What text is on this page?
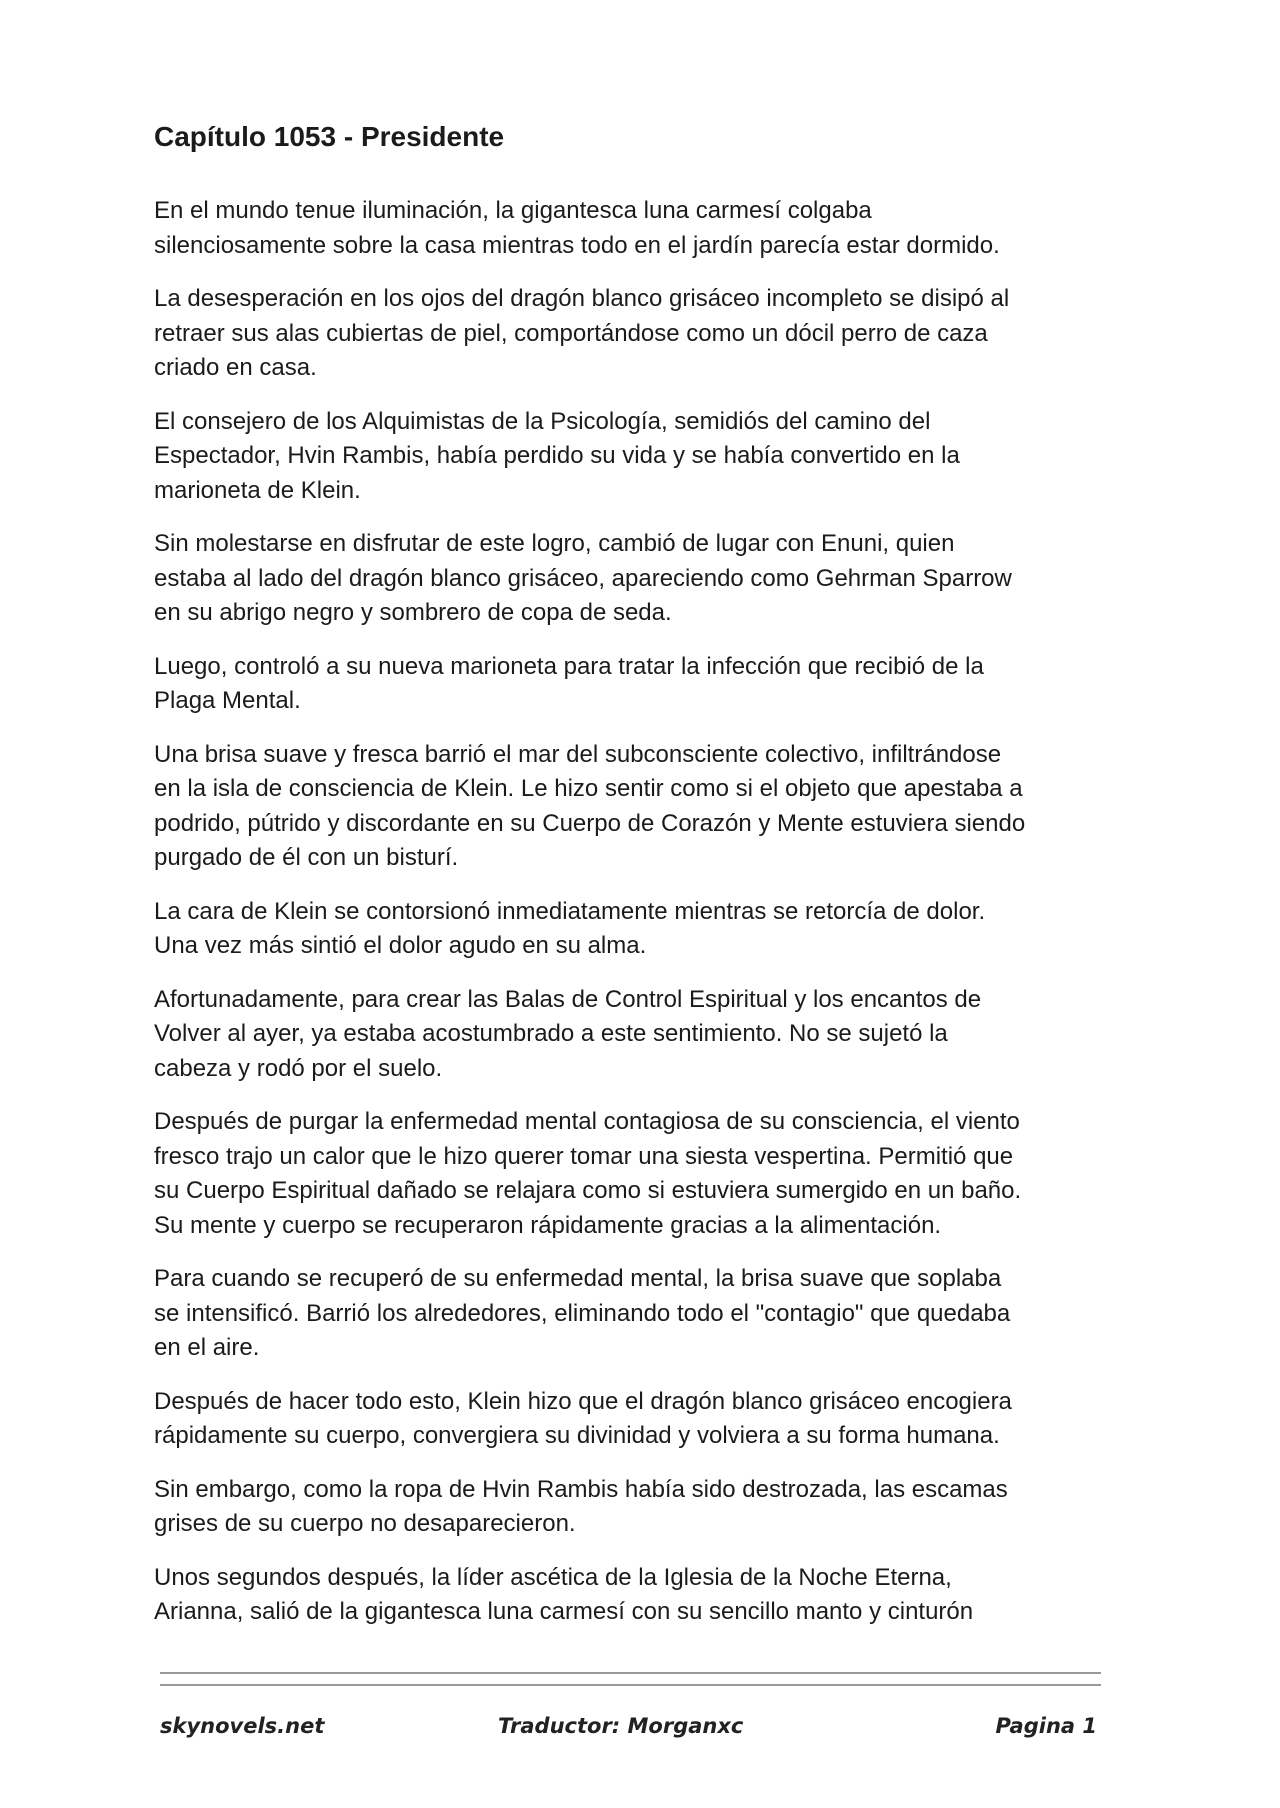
Capítulo 1053 - Presidente

En el mundo tenue iluminación, la gigantesca luna carmesí colgaba
silenciosamente sobre la casa mientras todo en el jardín parecía estar dormido.

La desesperación en los ojos del dragón blanco grisáceo incompleto se disipó al
retraer sus alas cubiertas de piel, comportándose como un dócil perro de caza
criado en casa.

El consejero de los Alquimistas de la Psicología, semidiós del camino del
Espectador, Hvin Rambis, había perdido su vida y se había convertido en la
marioneta de Klein.

Sin molestarse en disfrutar de este logro, cambió de lugar con Enuni, quien
estaba al lado del dragón blanco grisáceo, apareciendo como Gehrman Sparrow
en su abrigo negro y sombrero de copa de seda.

Luego, controló a su nueva marioneta para tratar la infección que recibió de la
Plaga Mental.

Una brisa suave y fresca barrió el mar del subconsciente colectivo, infiltrándose
en la isla de consciencia de Klein. Le hizo sentir como si el objeto que apestaba a
podrido, pútrido y discordante en su Cuerpo de Corazón y Mente estuviera siendo
purgado de él con un bisturí.

La cara de Klein se contorsionó inmediatamente mientras se retorcía de dolor.
Una vez más sintió el dolor agudo en su alma.

Afortunadamente, para crear las Balas de Control Espiritual y los encantos de
Volver al ayer, ya estaba acostumbrado a este sentimiento. No se sujetó la
cabeza y rodó por el suelo.

Después de purgar la enfermedad mental contagiosa de su consciencia, el viento
fresco trajo un calor que le hizo querer tomar una siesta vespertina. Permitió que
su Cuerpo Espiritual dañado se relajara como si estuviera sumergido en un baño.
Su mente y cuerpo se recuperaron rápidamente gracias a la alimentación.

Para cuando se recuperó de su enfermedad mental, la brisa suave que soplaba
se intensificó. Barrió los alrededores, eliminando todo el "contagio" que quedaba
en el aire.

Después de hacer todo esto, Klein hizo que el dragón blanco grisáceo encogiera
rápidamente su cuerpo, convergiera su divinidad y volviera a su forma humana.

Sin embargo, como la ropa de Hvin Rambis había sido destrozada, las escamas
grises de su cuerpo no desaparecieron.

Unos segundos después, la líder ascética de la Iglesia de la Noche Eterna,
Arianna, salió de la gigantesca luna carmesí con su sencillo manto y cinturón

skynovels.net	Traductor: Morganxc	Pagina 1
